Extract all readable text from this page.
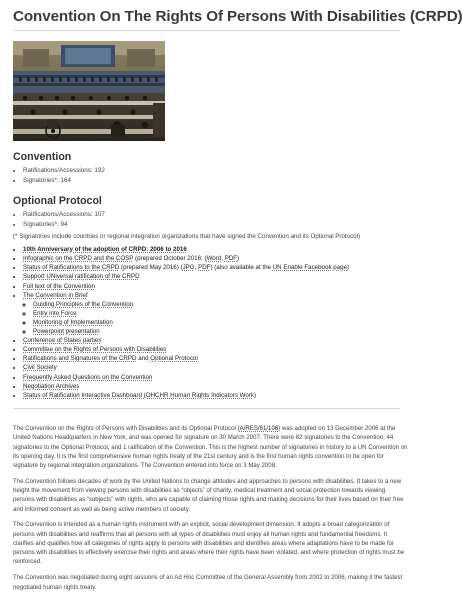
Convention On The Rights Of Persons With Disabilities (CRPD)
Convention
• Ratifications/Accessions: 192
• Signatories*: 164
Optional Protocol
• Ratifications/Accessions: 107
• Signatories*: 94
(* Signatories include countries or regional integration organizations that have signed the Convention and its Optional Protocol)
• 10th Anniversary of the adoption of CRPD: 2006 to 2016
• Infographic on the CRPD and the COSP (prepared October 2016: (Word, PDF)
• Status of Ratifications to the CRPD (prepared May 2016) (JPG, PDF) (also available at the UN Enable Facebook page)
• Support UNiversal ratification of the CRPD
• Full text of the Convention
• The Convention in Brief
◦ Guiding Principles of the Convention
◦ Entry into Force
◦ Monitoring of Implementation
◦ Powerpoint presentation
• Conference of States parties
• Committee on the Rights of Persons with Disabilities
• Ratifications and Signatures of the CRPD and Optional Protocol
• Civil Society
• Frequently Asked Questions on the Convention
• Negotiation Archives
• Status of Ratification Interactive Dashboard (OHCHR Human Rights Indicators Work)

The Convention on the Rights of Persons with Disabilities and its Optional Protocol (A/RES/61/106) was adopted on 13 December 2006 at the United Nations Headquarters in New York, and was opened for signature on 30 March 2007. There were 82 signatories to the Convention, 44 signatories to the Optional Protocol, and 1 ratification of the Convention. This is the highest number of signatories in history to a UN Convention on its opening day. It is the first comprehensive human rights treaty of the 21st century and is the first human rights convention to be open for signature by regional integration organizations. The Convention entered into force on 3 May 2008.

The Convention follows decades of work by the United Nations to change attitudes and approaches to persons with disabilities. It takes to a new height the movement from viewing persons with disabilities as “objects” of charity, medical treatment and social protection towards viewing persons with disabilities as “subjects” with rights, who are capable of claiming those rights and making decisions for their lives based on their free and informed consent as well as being active members of society.

The Convention is intended as a human rights instrument with an explicit, social development dimension. It adopts a broad categorization of persons with disabilities and reaffirms that all persons with all types of disabilities must enjoy all human rights and fundamental freedoms. It clarifies and qualifies how all categories of rights apply to persons with disabilities and identifies areas where adaptations have to be made for persons with disabilities to effectively exercise their rights and areas where their rights have been violated, and where protection of rights must be reinforced.

The Convention was negotiated during eight sessions of an Ad Hoc Committee of the General Assembly from 2002 to 2006, making it the fastest negotiated human rights treaty.
